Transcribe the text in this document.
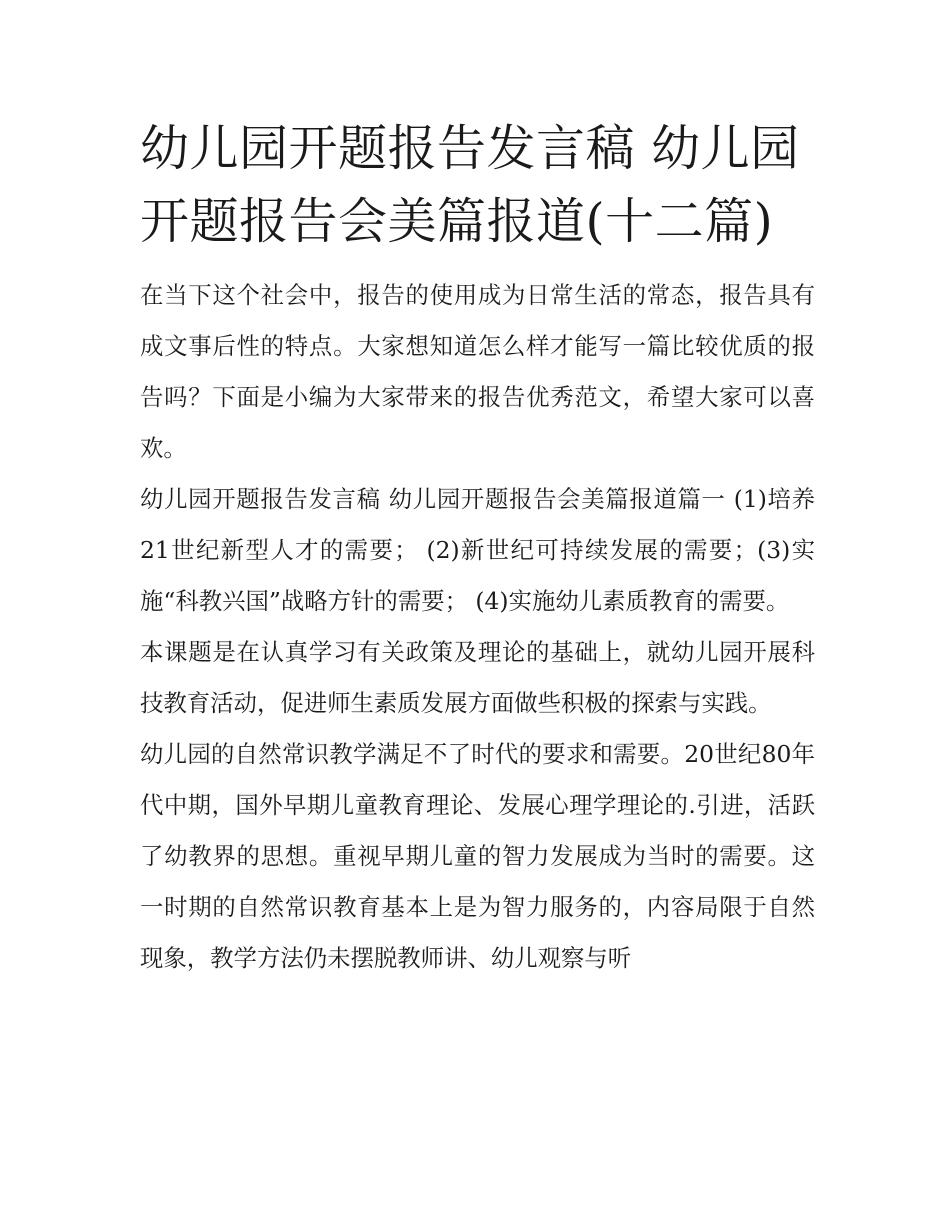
幼儿园开题报告发言稿 幼儿园开题报告会美篇报道(十二篇)

在当下这个社会中，报告的使用成为日常生活的常态，报告具有成文事后性的特点。大家想知道怎么样才能写一篇比较优质的报告吗？下面是小编为大家带来的报告优秀范文，希望大家可以喜欢。

幼儿园开题报告发言稿 幼儿园开题报告会美篇报道篇一 (1)培养21世纪新型人才的需要； (2)新世纪可持续发展的需要；(3)实施“科教兴国”战略方针的需要； (4)实施幼儿素质教育的需要。

本课题是在认真学习有关政策及理论的基础上，就幼儿园开展科技教育活动，促进师生素质发展方面做些积极的探索与实践。

幼儿园的自然常识教学满足不了时代的要求和需要。20世纪80年代中期，国外早期儿童教育理论、发展心理学理论的.引进，活跃了幼教界的思想。重视早期儿童的智力发展成为当时的需要。这一时期的自然常识教育基本上是为智力服务的，内容局限于自然现象，教学方法仍未摆脱教师讲、幼儿观察与听
